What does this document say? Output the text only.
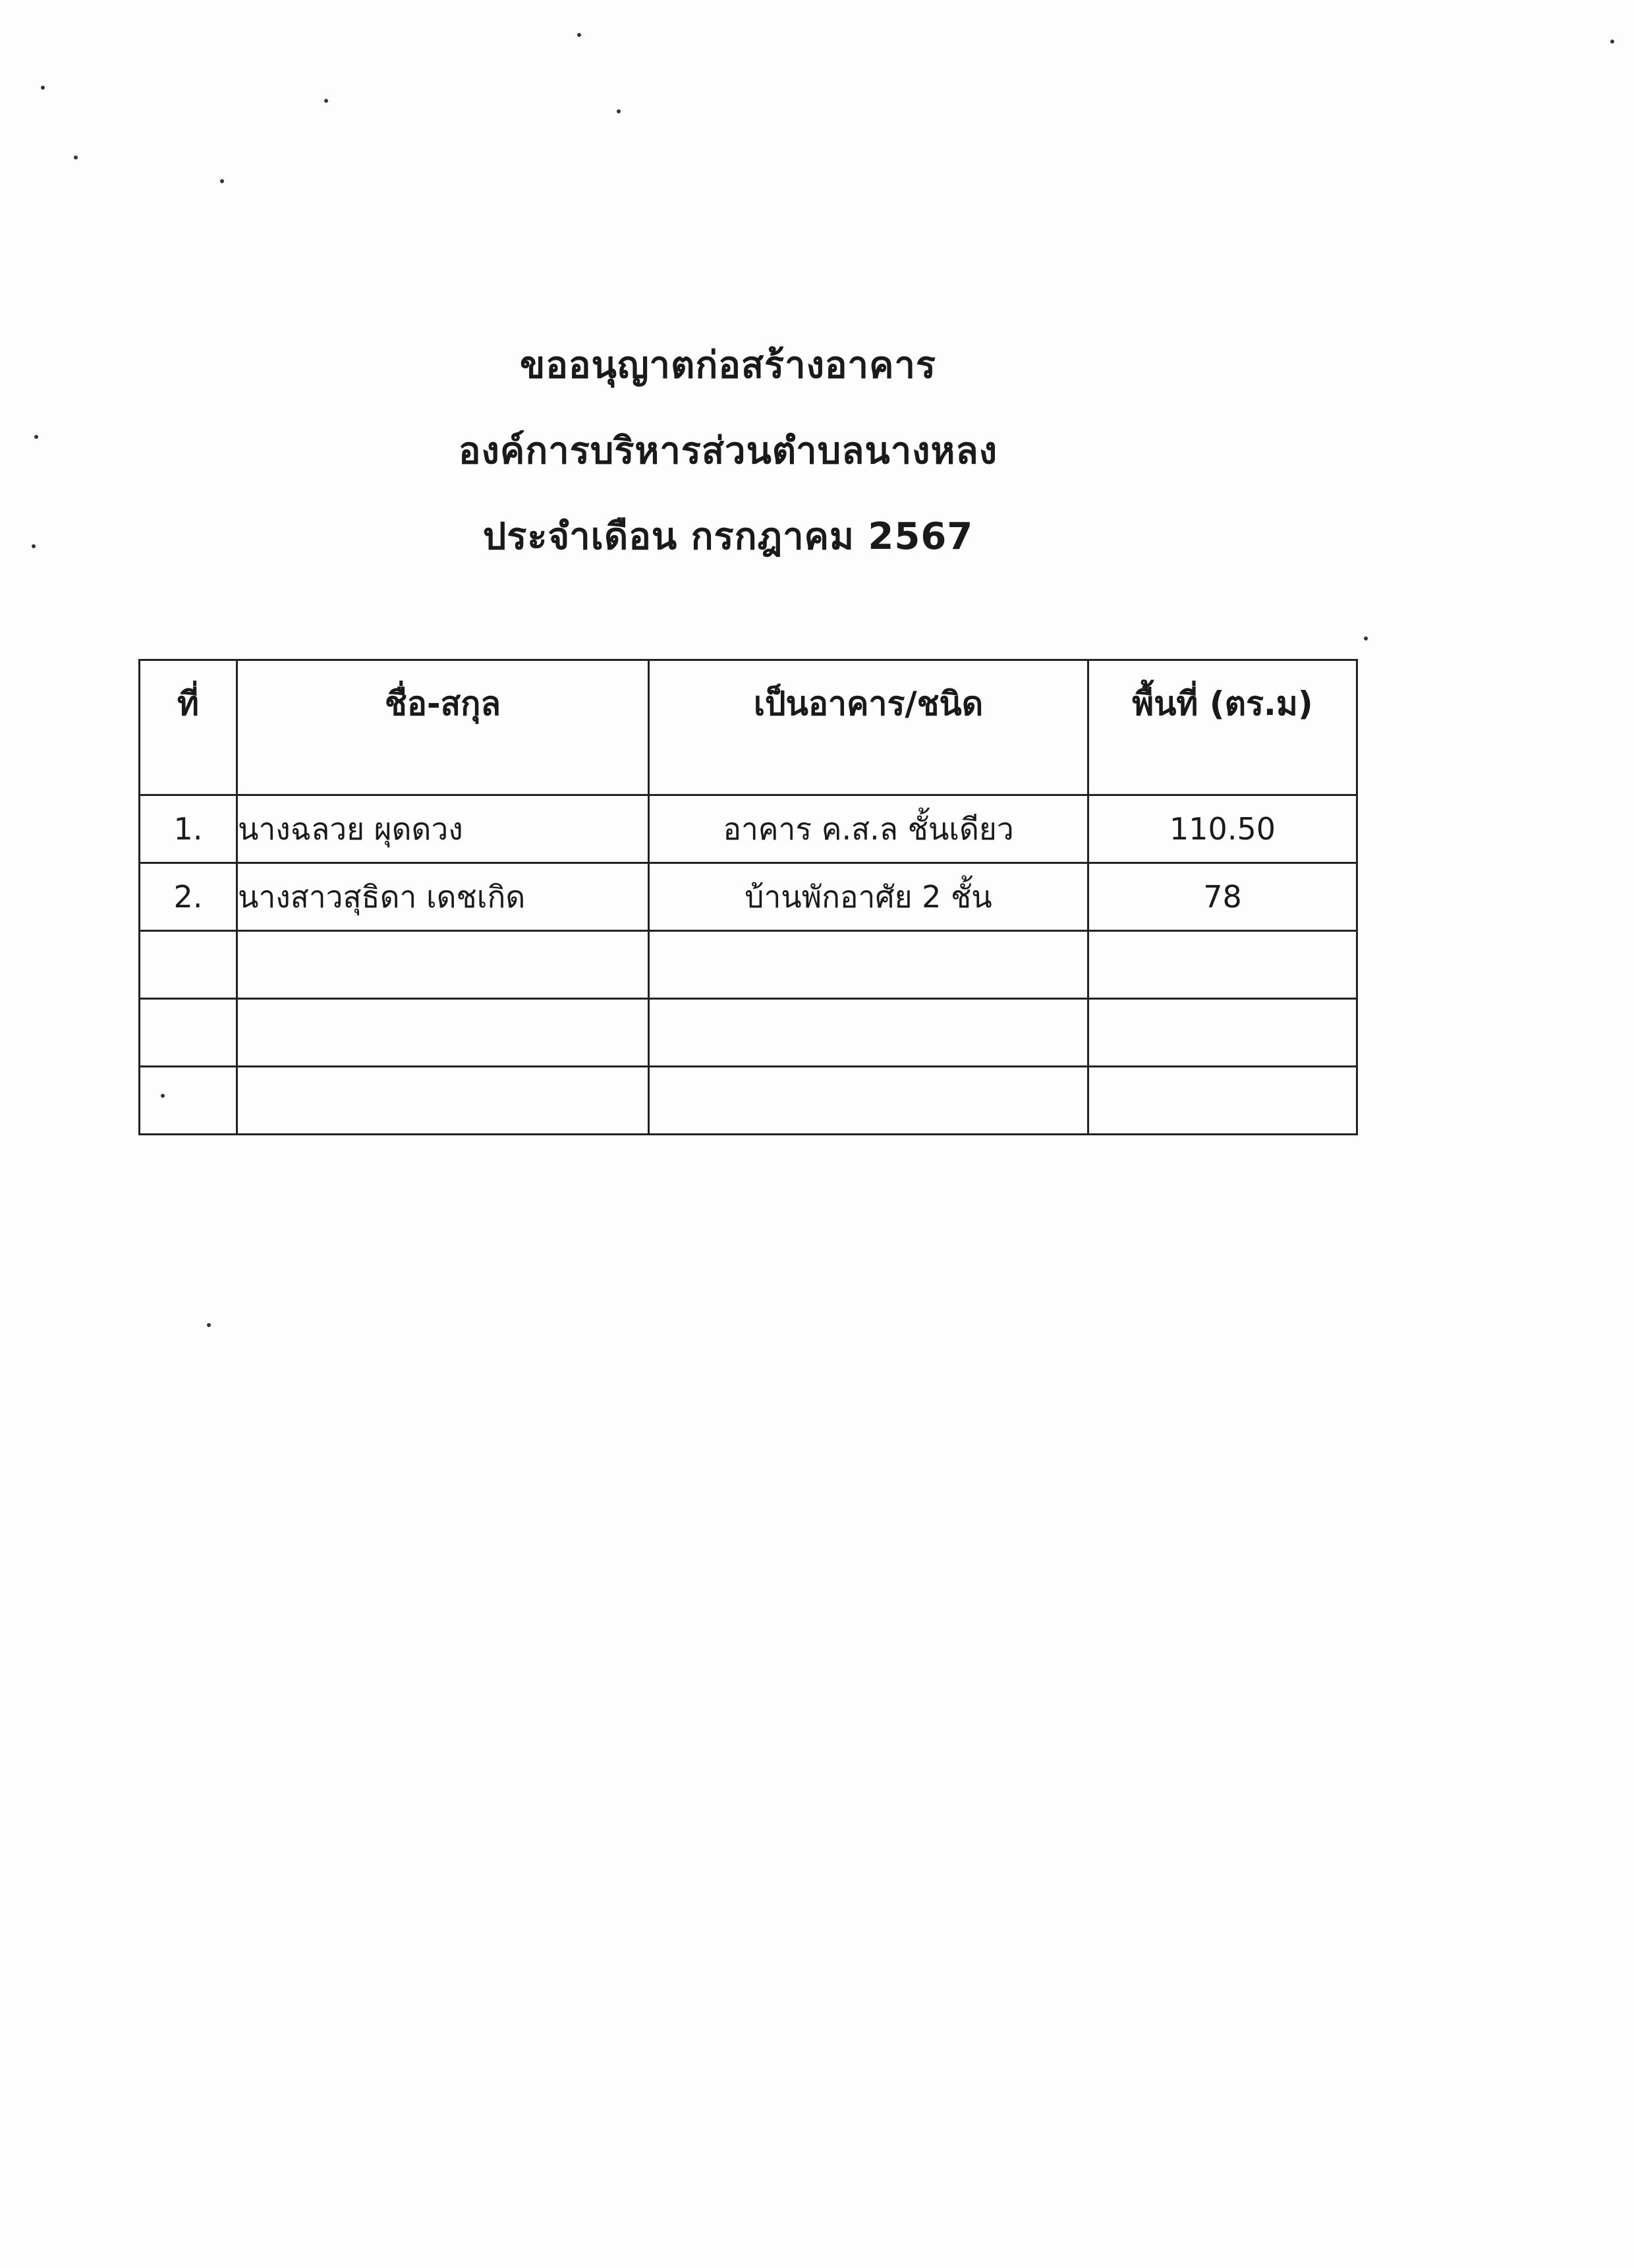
ขออนุญาตก่อสร้างอาคาร
องค์การบริหารส่วนตำบลนางหลง
ประจำเดือน กรกฎาคม 2567
ที่	ชื่อ-สกุล	เป็นอาคาร/ชนิด	พื้นที่ (ตร.ม)
1.	นางฉลวย ผุดดวง	อาคาร ค.ส.ล ชั้นเดียว	110.50
2.	นางสาวสุธิดา เดชเกิด	บ้านพักอาศัย 2 ชั้น	78
